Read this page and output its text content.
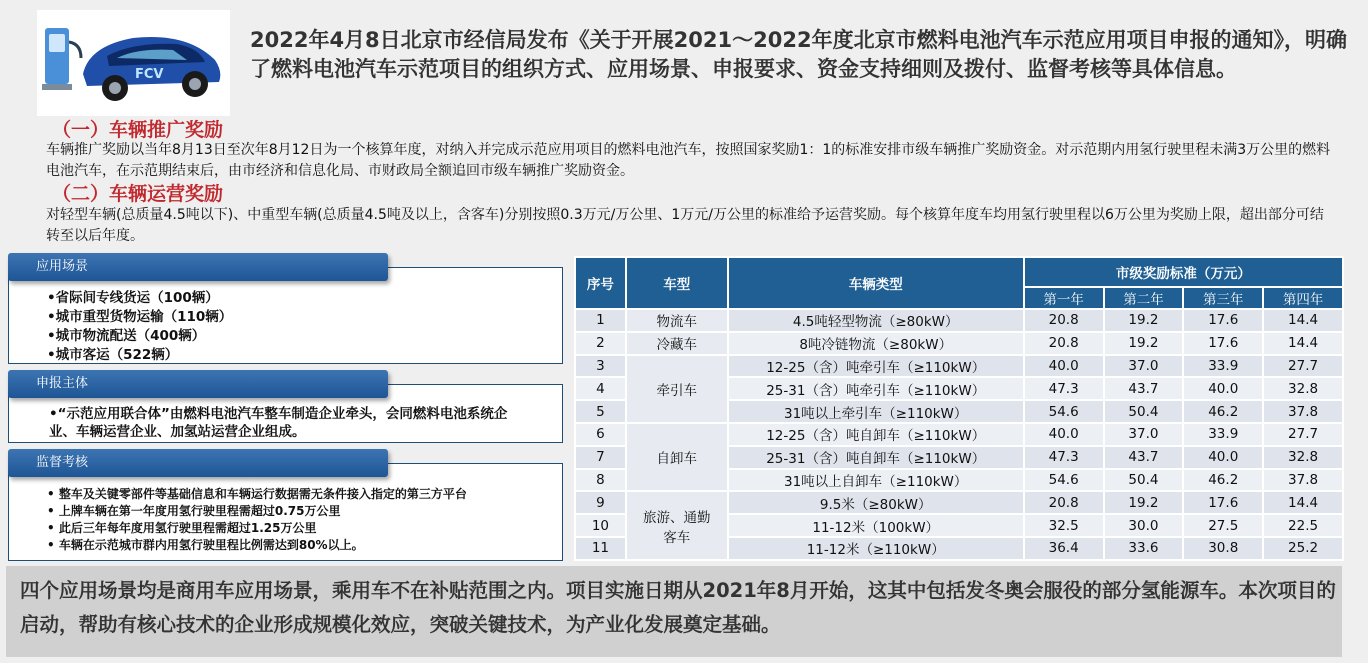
FCV
2022年4月8日北京市经信局发布《关于开展2021～2022年度北京市燃料电池汽车示范应用项目申报的通知》，明确了燃料电池汽车示范项目的组织方式、应用场景、申报要求、资金支持细则及拨付、监督考核等具体信息。
（一）车辆推广奖励
车辆推广奖励以当年8月13日至次年8月12日为一个核算年度，对纳入并完成示范应用项目的燃料电池汽车，按照国家奖励1：1的标准安排市级车辆推广奖励资金。对示范期内用氢行驶里程未满3万公里的燃料电池汽车，在示范期结束后，由市经济和信息化局、市财政局全额追回市级车辆推广奖励资金。
（二）车辆运营奖励
对轻型车辆(总质量4.5吨以下)、中重型车辆(总质量4.5吨及以上，含客车)分别按照0.3万元/万公里、1万元/万公里的标准给予运营奖励。每个核算年度车均用氢行驶里程以6万公里为奖励上限，超出部分可结转至以后年度。
•省际间专线货运（100辆）
•城市重型货物运输（110辆）
•城市物流配送（400辆）
•城市客运（522辆）
应用场景
•“示范应用联合体”由燃料电池汽车整车制造企业牵头，会同燃料电池系统企业、车辆运营企业、加氢站运营企业组成。
申报主体
• 整车及关键零部件等基础信息和车辆运行数据需无条件接入指定的第三方平台
• 上牌车辆在第一年度用氢行驶里程需超过0.75万公里
• 此后三年每年度用氢行驶里程需超过1.25万公里
• 车辆在示范城市群内用氢行驶里程比例需达到80%以上。
监督考核
序号	车型	车辆类型	市级奖励标准（万元）			
			第一年	第二年	第三年	第四年
1	物流车	4.5吨轻型物流（≥80kW）	20.8	19.2	17.6	14.4
2	冷藏车	8吨冷链物流（≥80kW）	20.8	19.2	17.6	14.4
3	牵引车	12-25（含）吨牵引车（≥110kW）	40.0	37.0	33.9	27.7
4		25-31（含）吨牵引车（≥110kW）	47.3	43.7	40.0	32.8
5		31吨以上牵引车（≥110kW）	54.6	50.4	46.2	37.8
6	自卸车	12-25（含）吨自卸车（≥110kW）	40.0	37.0	33.9	27.7
7		25-31（含）吨自卸车（≥110kW）	47.3	43.7	40.0	32.8
8		31吨以上自卸车（≥110kW）	54.6	50.4	46.2	37.8
9	旅游、通勤客车	9.5米（≥80kW）	20.8	19.2	17.6	14.4
10		11-12米（100kW）	32.5	30.0	27.5	22.5
11		11-12米（≥110kW）	36.4	33.6	30.8	25.2
四个应用场景均是商用车应用场景，乘用车不在补贴范围之内。项目实施日期从2021年8月开始，这其中包括发冬奥会服役的部分氢能源车。本次项目的启动，帮助有核心技术的企业形成规模化效应，突破关键技术，为产业化发展奠定基础。
